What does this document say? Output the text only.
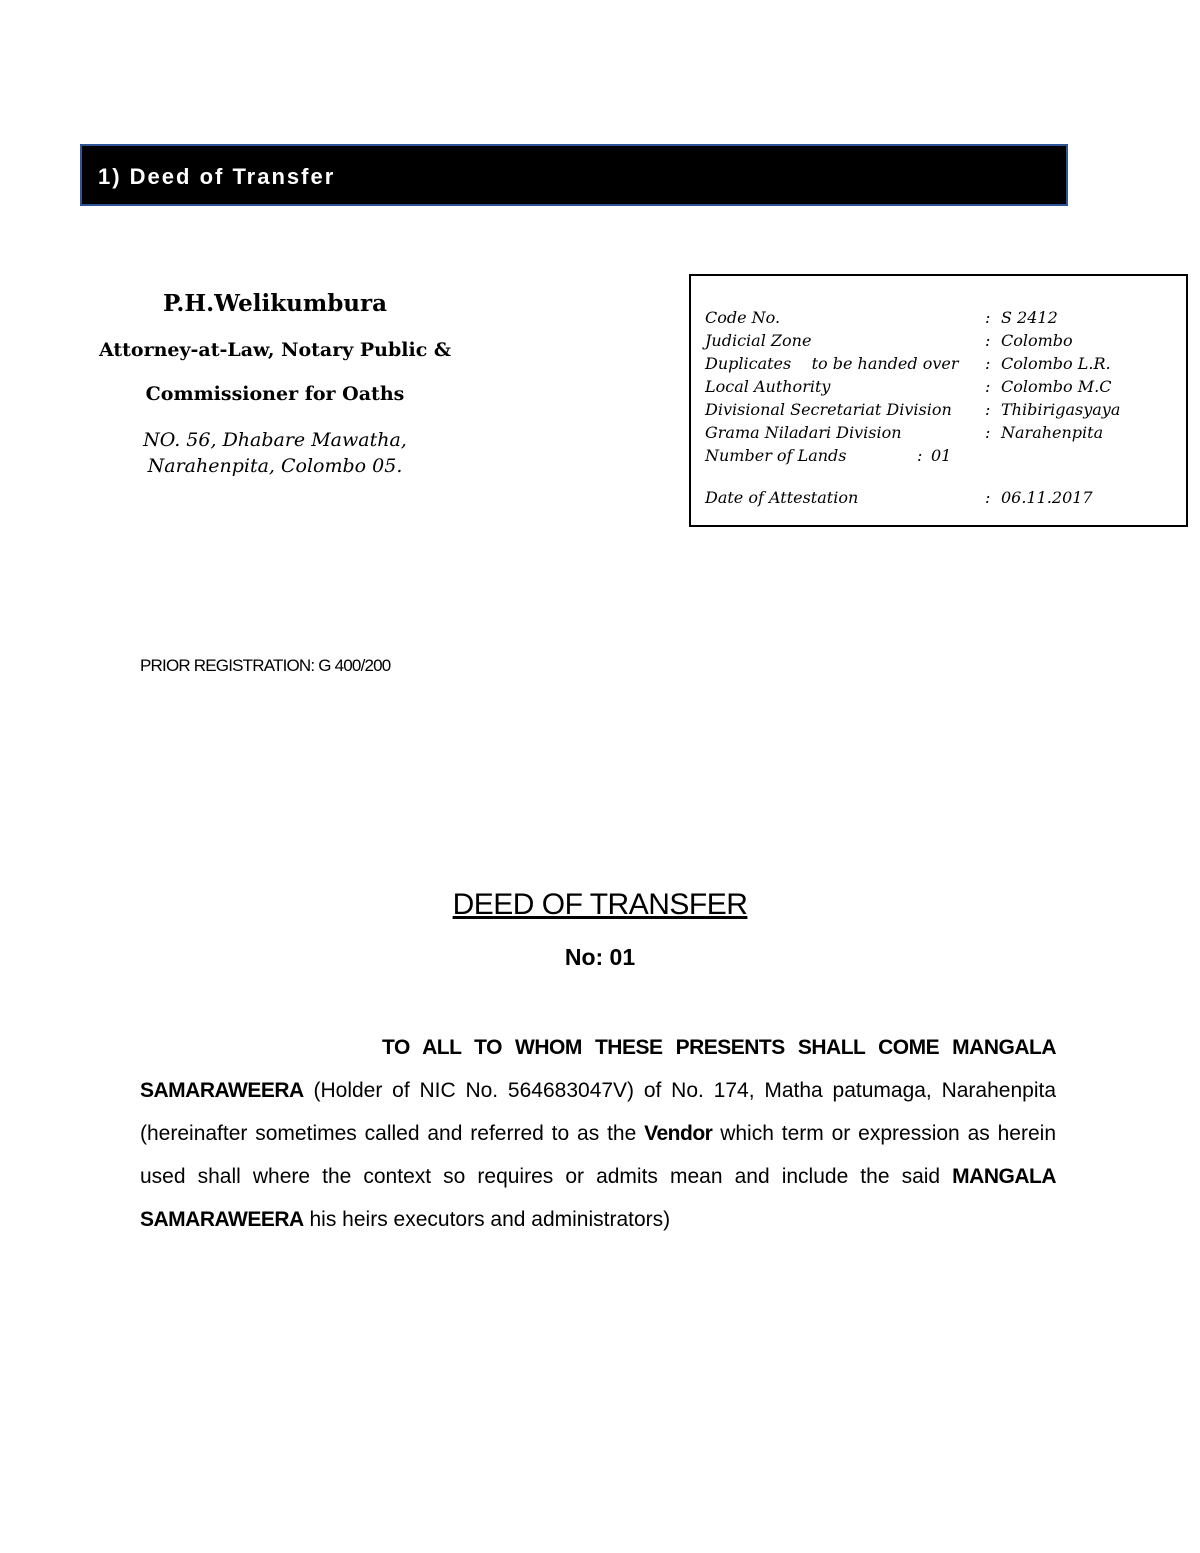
1) Deed of Transfer

P.H.Welikumbura

Attorney-at-Law, Notary Public &

Commissioner for Oaths

NO. 56, Dhabare Mawatha,

Narahenpita, Colombo 05.

Code No.	: S 2412
Judicial Zone	: Colombo
Duplicates    to be handed over : Colombo L.R.
Local Authority	: Colombo M.C
Divisional Secretariat Division : Thibirigasyaya
Grama Niladari Division	: Narahenpita
Number of Lands	: 01
Date of Attestation	: 06.11.2017
PRIOR REGISTRATION: G 400/200
DEED OF TRANSFER
No: 01
TO ALL TO WHOM THESE PRESENTS SHALL COME MANGALA SAMARAWEERA (Holder of NIC No. 564683047V) of No. 174, Matha patumaga, Narahenpita (hereinafter sometimes called and referred to as the Vendor which term or expression as herein used shall where the context so requires or admits mean and include the said MANGALA SAMARAWEERA his heirs executors and administrators)
